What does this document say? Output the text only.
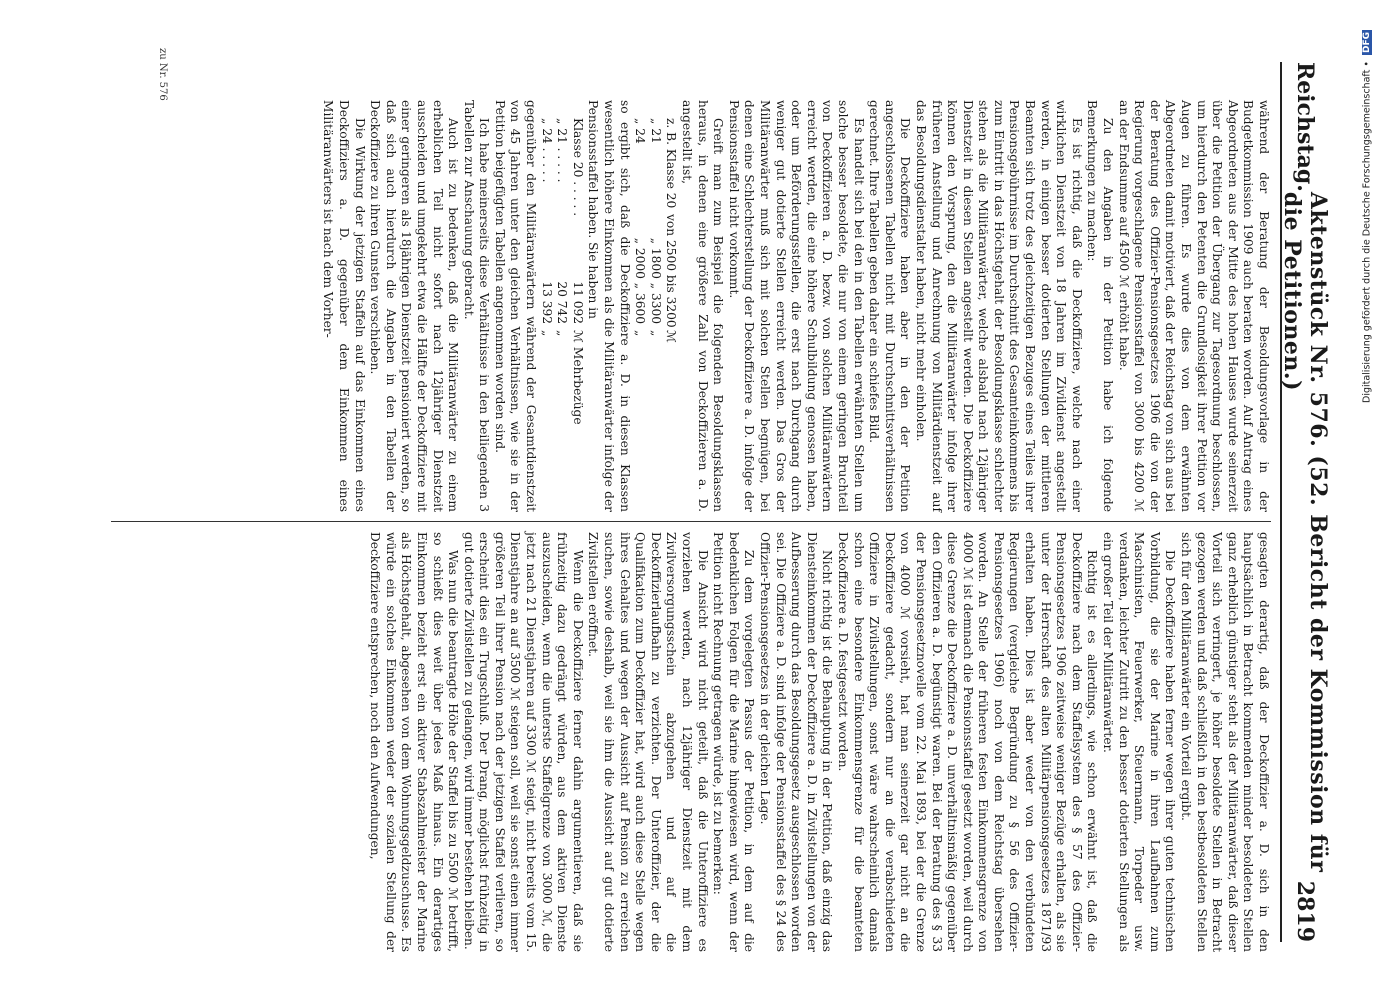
Reichstag.
Aktenstück Nr. 576. (52. Bericht der Kommission für die Petitionen.)
2819

während der Beratung der Besoldungsvorlage in der Budgetkommission 1909 auch beraten worden. Auf Antrag eines Abgeordneten aus der Mitte des hohen Hauses wurde seinerzeit über die Petition der Übergang zur Tagesordnung beschlossen, um hierdurch den Petenten die Grundlosigkeit ihrer Petition vor Augen zu führen. Es wurde dies von dem erwähnten Abgeordneten damit motiviert, daß der Reichstag von sich aus bei der Beratung des Offizier-Pensionsgesetzes 1906 die von der Regierung vorgeschlagene Pensionsstaffel von 3000 bis 4200 ℳ an der Endsumme auf 4500 ℳ erhöht habe.

Zu den Angaben in der Petition habe ich folgende Bemerkungen zu machen:

Es ist richtig, daß die Deckoffiziere, welche nach einer wirklichen Dienstzeit von 18 Jahren im Zivildienst angestellt werden, in einigen besser dotierten Stellungen der mittleren Beamten sich trotz des gleichzeitigen Bezuges eines Teiles ihrer Pensionsgebührnisse im Durchschnitt des Gesamteinkommens bis zum Eintritt in das Höchstgehalt der Besoldungsklasse schlechter stehen als die Militäranwärter, welche alsbald nach 12jähriger Dienstzeit in diesen Stellen angestellt werden. Die Deckoffiziere können den Vorsprung, den die Militäranwärter infolge ihrer früheren Anstellung und Anrechnung von Militärdienstzeit auf das Besoldungsdienstalter haben, nicht mehr einholen.

Die Deckoffiziere haben aber in den der Petition angeschlossenen Tabellen nicht mit Durchschnittsverhältnissen gerechnet. Ihre Tabellen geben daher ein schiefes Bild.

Es handelt sich bei den in den Tabellen erwähnten Stellen um solche besser besoldete, die nur von einem geringen Bruchteil von Deckoffizieren a. D. bezw. von solchen Militäranwärtern erreicht werden, die eine höhere Schulbildung genossen haben, oder um Beförderungsstellen, die erst nach Durchgang durch weniger gut dotierte Stellen erreicht werden. Das Gros der Militäranwärter muß sich mit solchen Stellen begnügen, bei denen eine Schlechterstellung der Deckoffiziere a. D. infolge der Pensionsstaffel nicht vorkommt.

Greift man zum Beispiel die folgenden Besoldungsklassen heraus, in denen eine größere Zahl von Deckoffizieren a. D. angestellt ist,

z. B. Klasse 20
von 2500 bis 3200
ℳ
„ 21
„ 1800 „ 3300
„
„ 24
„ 2000 „ 3600
„

so ergibt sich, daß die Deckoffiziere a. D. in diesen Klassen wesentlich höhere Einkommen als die Militäranwärter infolge der Pensionsstaffel haben. Sie haben in

Klasse 20 . . . . .
11 092
ℳ Mehrbezüge
„ 21 . . . . .
20 742
„
„ 24 . . . . .
13 392
„

gegenüber den Militäranwärtern während der Gesamtdienstzeit von 45 Jahren unter den gleichen Verhältnissen, wie sie in der Petition beigefügten Tabellen angenommen worden sind.

Ich habe meinerseits diese Verhältnisse in den beiliegenden 3 Tabellen zur Anschauung gebracht.

Auch ist zu bedenken, daß die Militäranwärter zu einem erheblichen Teil nicht sofort nach 12jähriger Dienstzeit ausscheiden und umgekehrt etwa die Hälfte der Deckoffiziere mit einer geringeren als 18jährigen Dienstzeit pensioniert werden, so daß sich auch hierdurch die Angaben in den Tabellen der Deckoffiziere zu ihren Gunsten verschieben.

Die Wirkung der jetzigen Staffeln auf das Einkommen eines Deckoffiziers a. D. gegenüber dem Einkommen eines Militäranwärters ist nach dem Vorher-

gesagten derartig, daß der Deckoffizier a. D. sich in den hauptsächlich in Betracht kommenden minder besoldeten Stellen ganz erheblich günstiger steht als der Militäranwärter, daß dieser Vorteil sich verringert, je höher besoldete Stellen in Betracht gezogen werden und daß schließlich in den bestbesoldeten Stellen sich für den Militäranwärter ein Vorteil ergibt.

Die Deckoffiziere haben ferner wegen ihrer guten technischen Vorbildung, die sie der Marine in ihren Laufbahnen zum Maschinisten, Feuerwerker, Steuermann, Torpeder usw. verdanken, leichter Zutritt zu den besser dotierten Stellungen als ein großer Teil der Militäranwärter.

Richtig ist es allerdings, wie schon erwähnt ist, daß die Deckoffiziere nach dem Staffelsystem des § 57 des Offizier-Pensionsgesetzes 1906 zeitweise weniger Bezüge erhalten, als sie unter der Herrschaft des alten Militärpensionsgesetzes 1871/93 erhalten haben. Dies ist aber weder von den verbündeten Regierungen (vergleiche Begründung zu § 56 des Offizier-Pensionsgesetzes 1906) noch von dem Reichstag übersehen worden. An Stelle der früheren festen Einkommensgrenze von 4000 ℳ ist demnach die Pensionsstaffel gesetzt worden, weil durch diese Grenze die Deckoffiziere a. D. unverhältnismäßig gegenüber den Offizieren a. D. begünstigt waren. Bei der Beratung des § 33 der Pensionsgesetznovelle vom 22. Mai 1893, bei der die Grenze von 4000 ℳ vorsieht, hat man seinerzeit gar nicht an die Deckoffiziere gedacht, sondern nur an die verabschiedeten Offiziere in Zivilstellungen, sonst wäre wahrscheinlich damals schon eine besondere Einkommensgrenze für die beamteten Deckoffiziere a. D. festgesetzt worden.

Nicht richtig ist die Behauptung in der Petition, daß einzig das Diensteinkommen der Deckoffiziere a. D. in Zivilstellungen von der Aufbesserung durch das Besoldungsgesetz ausgeschlossen worden sei. Die Offiziere a. D. sind infolge der Pensionsstaffel des § 24 des Offizier-Pensionsgesetzes in der gleichen Lage.

Zu dem vorgelegten Passus der Petition, in dem auf die bedenklichen Folgen für die Marine hingewiesen wird, wenn der Petition nicht Rechnung getragen würde, ist zu bemerken:

Die Ansicht wird nicht geteilt, daß die Unteroffiziere es vorziehen werden, nach 12jähriger Dienstzeit mit dem Zivilversorgungsschein abzugehen und auf die Deckoffizierlaufbahn zu verzichten. Der Unteroffizier, der die Qualifikation zum Deckoffizier hat, wird auch diese Stelle wegen ihres Gehaltes und wegen der Aussicht auf Pension zu erreichen suchen, sowie deshalb, weil sie ihm die Aussicht auf gut dotierte Zivilstellen eröffnet.

Wenn die Deckoffiziere ferner dahin argumentieren, daß sie frühzeitig dazu gedrängt würden, aus dem aktiven Dienste auszuscheiden, wenn die unterste Staffelgrenze von 3000 ℳ, die jetzt nach 21 Dienstjahren auf 3300 ℳ steigt, nicht bereits vom 15. Dienstjahre an auf 3500 ℳ steigen soll, weil sie sonst einen immer größeren Teil ihrer Pension nach der jetzigen Staffel verlieren, so erscheint dies ein Trugschluß. Der Drang, möglichst frühzeitig in gut dotierte Zivilstellen zu gelangen, wird immer bestehen bleiben.

Was nun die beantragte Höhe der Staffel bis zu 5500 ℳ betrifft, so schießt dies weit über jedes Maß hinaus. Ein derartiges Einkommen bezieht erst ein aktiver Stabszahlmeister der Marine als Höchstgehalt, abgesehen von dem Wohnungsgeldzuschusse. Es würde ein solches Einkommen weder der sozialen Stellung der Deckoffiziere entsprechen, noch den Aufwendungen,

zu Nr. 576	Digitalisierung gefördert durch die Deutsche Forschungsgemeinschaft •
DFG
